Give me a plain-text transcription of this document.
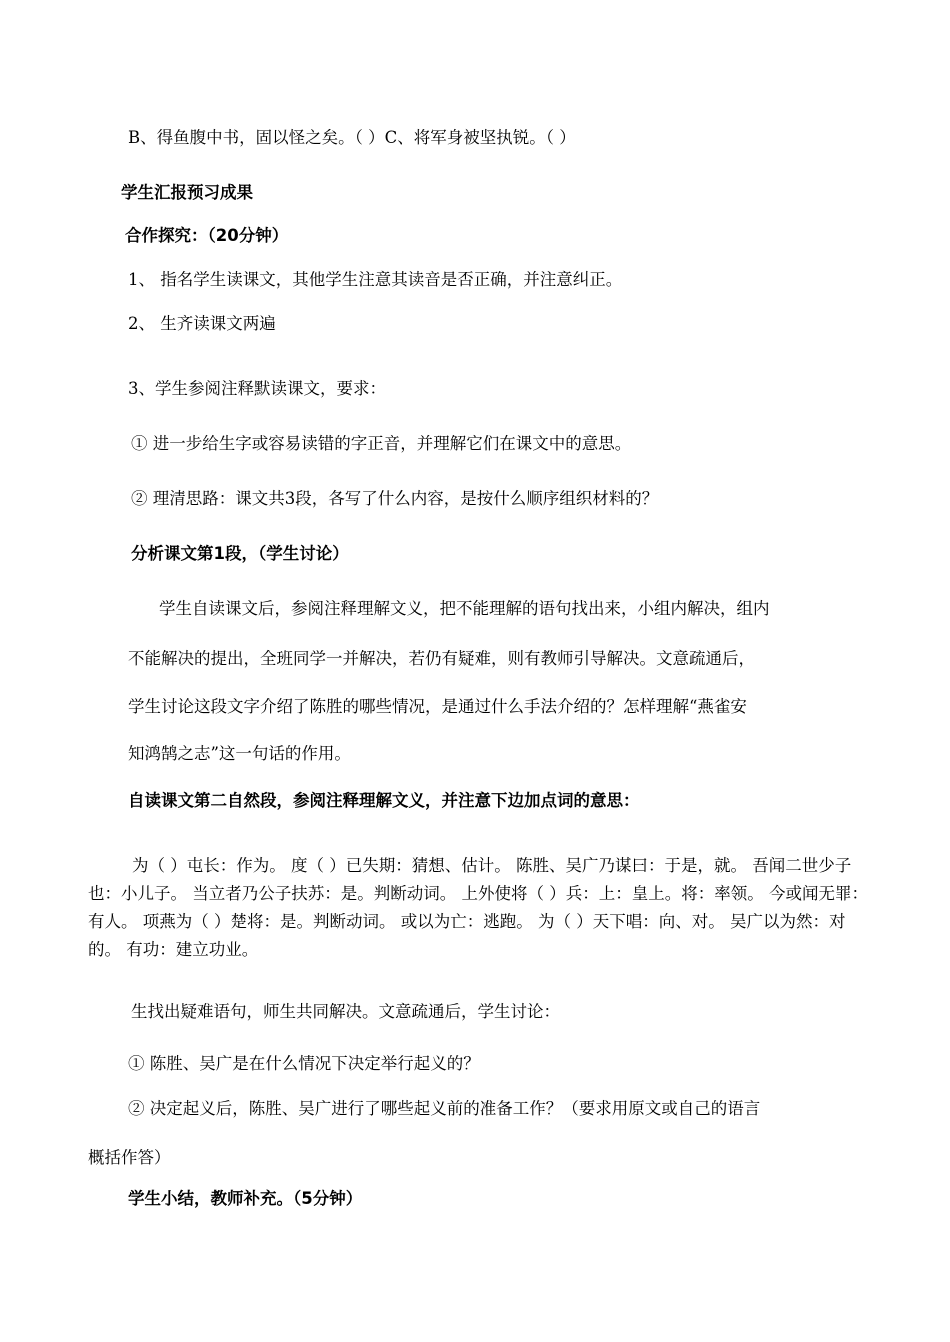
B、得鱼腹中书，固以怪之矣。（ ）C、将军身被坚执锐。（ ）
学生汇报预习成果
合作探究：（20分钟）
1、 指名学生读课文，其他学生注意其读音是否正确，并注意纠正。
2、 生齐读课文两遍
3、学生参阅注释默读课文，要求：
① 进一步给生字或容易读错的字正音，并理解它们在课文中的意思。
② 理清思路：课文共3段，各写了什么内容，是按什么顺序组织材料的？
分析课文第1段，（学生讨论）
学生自读课文后，参阅注释理解文义，把不能理解的语句找出来，小组内解决，组内
不能解决的提出，全班同学一并解决，若仍有疑难，则有教师引导解决。文意疏通后，
学生讨论这段文字介绍了陈胜的哪些情况，是通过什么手法介绍的？怎样理解“燕雀安
知鸿鹄之志”这一句话的作用。
自读课文第二自然段，参阅注释理解文义，并注意下边加点词的意思：
为（ ）屯长：作为。 度（ ）已失期：猜想、估计。 陈胜、吴广乃谋曰：于是，就。 吾闻二世少子也：小儿子。 当立者乃公子扶苏：是。判断动词。 上外使将（ ）兵：上：皇上。将：率领。 今或闻无罪：有人。 项燕为（ ）楚将：是。判断动词。 或以为亡：逃跑。 为（ ）天下唱：向、对。 吴广以为然：对的。 有功：建立功业。
生找出疑难语句，师生共同解决。文意疏通后，学生讨论：
① 陈胜、吴广是在什么情况下决定举行起义的？
② 决定起义后，陈胜、吴广进行了哪些起义前的准备工作？（要求用原文或自己的语言
概括作答）
学生小结，教师补充。（5分钟）
